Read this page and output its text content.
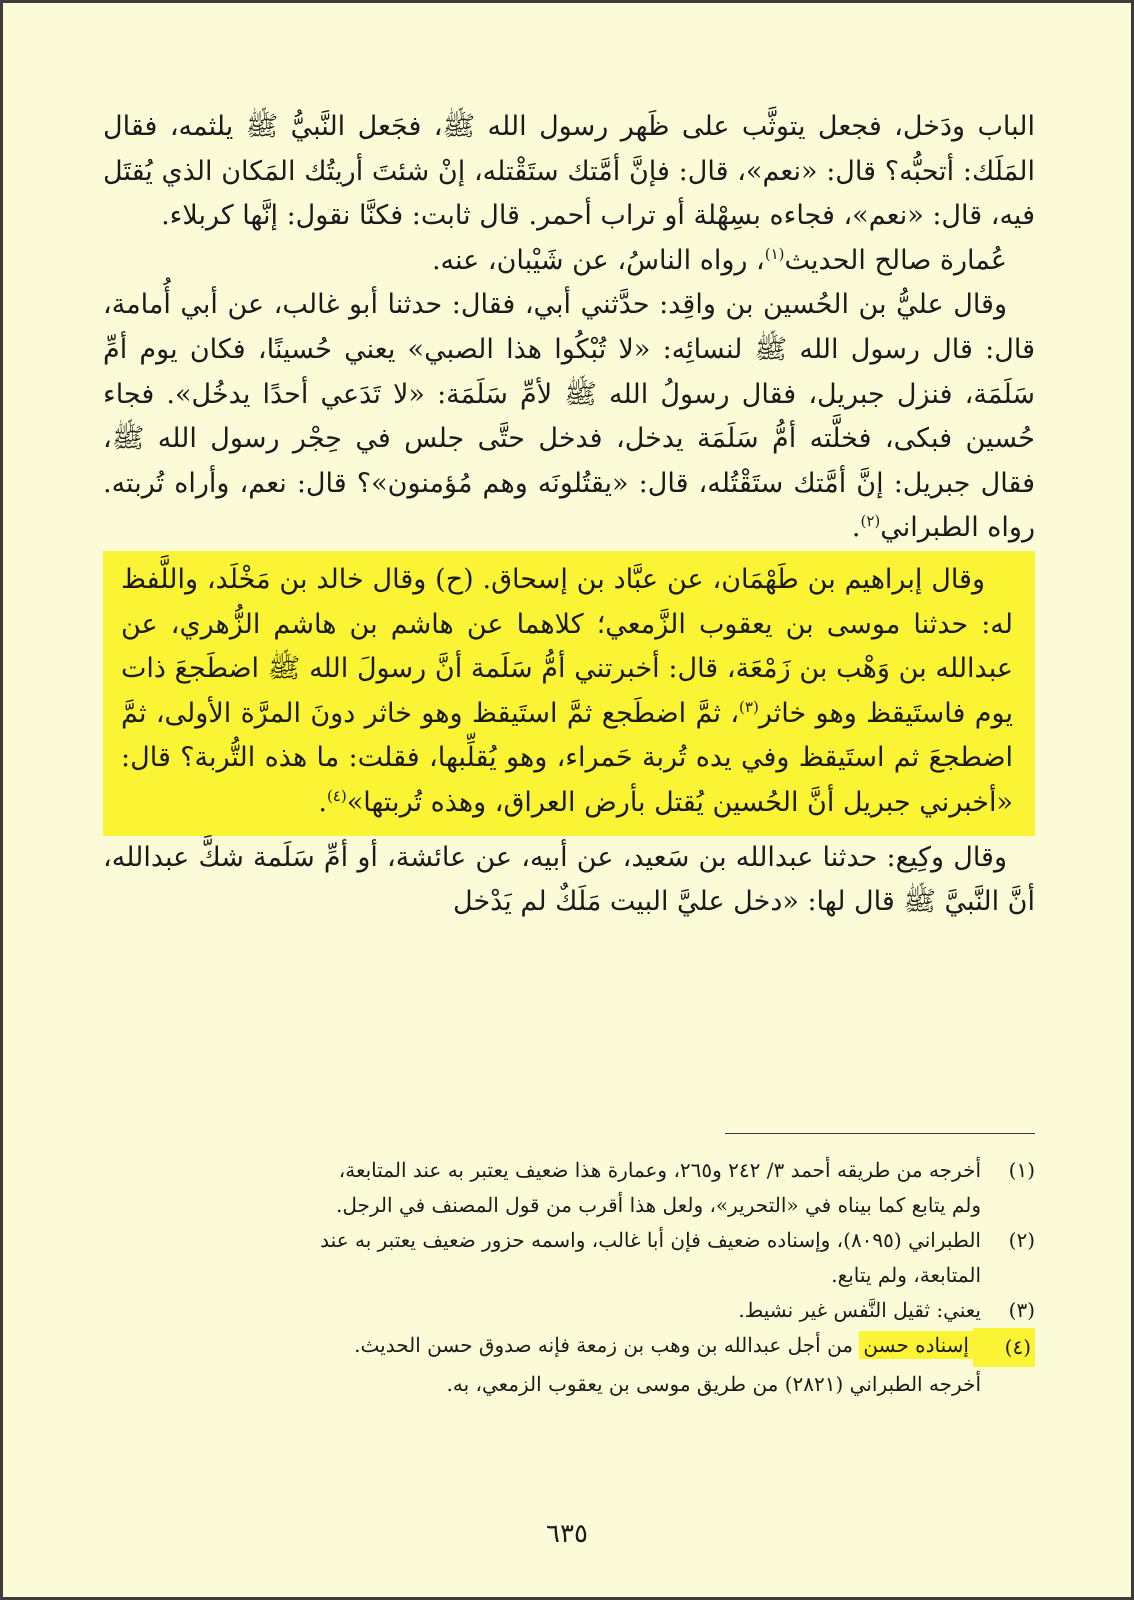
الباب ودَخل، فجعل يتوثَّب على ظَهر رسول الله ﷺ، فجَعل النَّبيُّ ﷺ يلثمه، فقال المَلَك: أتحبُّه؟ قال: «نعم»، قال: فإنَّ أمَّتك ستَقْتله، إنْ شئتَ أريتُك المَكان الذي يُقتَل فيه، قال: «نعم»، فجاءه بسِهْلة أو تراب أحمر. قال ثابت: فكنَّا نقول: إنَّها كربلاء.

عُمارة صالح الحديث$^{(١)}$، رواه الناسُ، عن شَيْبان، عنه.

وقال عليُّ بن الحُسين بن واقِد: حدَّثني أبي، فقال: حدثنا أبو غالب، عن أبي أُمامة، قال: قال رسول الله ﷺ لنسائِه: «لا تُبْكُوا هذا الصبي» يعني حُسينًا، فكان يوم أمِّ سَلَمَة، فنزل جبريل، فقال رسولُ الله ﷺ لأمِّ سَلَمَة: «لا تَدَعي أحدًا يدخُل». فجاء حُسين فبكى، فخلَّته أمُّ سَلَمَة يدخل، فدخل حتَّى جلس في حِجْر رسول الله ﷺ، فقال جبريل: إنَّ أمَّتك ستَقْتُله، قال: «يقتُلونَه وهم مُؤمنون»؟ قال: نعم، وأراه تُربته. رواه الطبراني$^{(٢)}$.

وقال إبراهيم بن طَهْمَان، عن عبَّاد بن إسحاق. (ح) وقال خالد بن مَخْلَد، واللَّفظ له: حدثنا موسى بن يعقوب الزَّمعي؛ كلاهما عن هاشم بن هاشم الزُّهري، عن عبدالله بن وَهْب بن زَمْعَة، قال: أخبرتني أمُّ سَلَمة أنَّ رسولَ الله ﷺ اضطَجعَ ذات يوم فاستَيقظ وهو خاثر$^{(٣)}$، ثمَّ اضطَجع ثمَّ استَيقظ وهو خاثر دونَ المرَّة الأولى، ثمَّ اضطجعَ ثم استَيقظ وفي يده تُربة حَمراء، وهو يُقلِّبها، فقلت: ما هذه التُّربة؟ قال: «أخبرني جبريل أنَّ الحُسين يُقتل بأرض العراق، وهذه تُربتها»$^{(٤)}$.

وقال وكِيع: حدثنا عبدالله بن سَعيد، عن أبيه، عن عائشة، أو أمِّ سَلَمة شكَّ عبدالله، أنَّ النَّبيَّ ﷺ قال لها: «دخل عليَّ البيت مَلَكٌ لم يَدْخل

(١)
أخرجه من طريقه أحمد ٣/ ٢٤٢ و٢٦٥، وعمارة هذا ضعيف يعتبر به عند المتابعة،
ولم يتابع كما بيناه في «التحرير»، ولعل هذا أقرب من قول المصنف في الرجل.
(٢)
الطبراني (٨٠٩٥)، وإسناده ضعيف فإن أبا غالب، واسمه حزور ضعيف يعتبر به عند
المتابعة، ولم يتابع.
(٣)
يعني: ثقيل النَّفس غير نشيط.
(٤)
إسناده حسن من أجل عبدالله بن وهب بن زمعة فإنه صدوق حسن الحديث.
أخرجه الطبراني (٢٨٢١) من طريق موسى بن يعقوب الزمعي، به.
٦٣٥
